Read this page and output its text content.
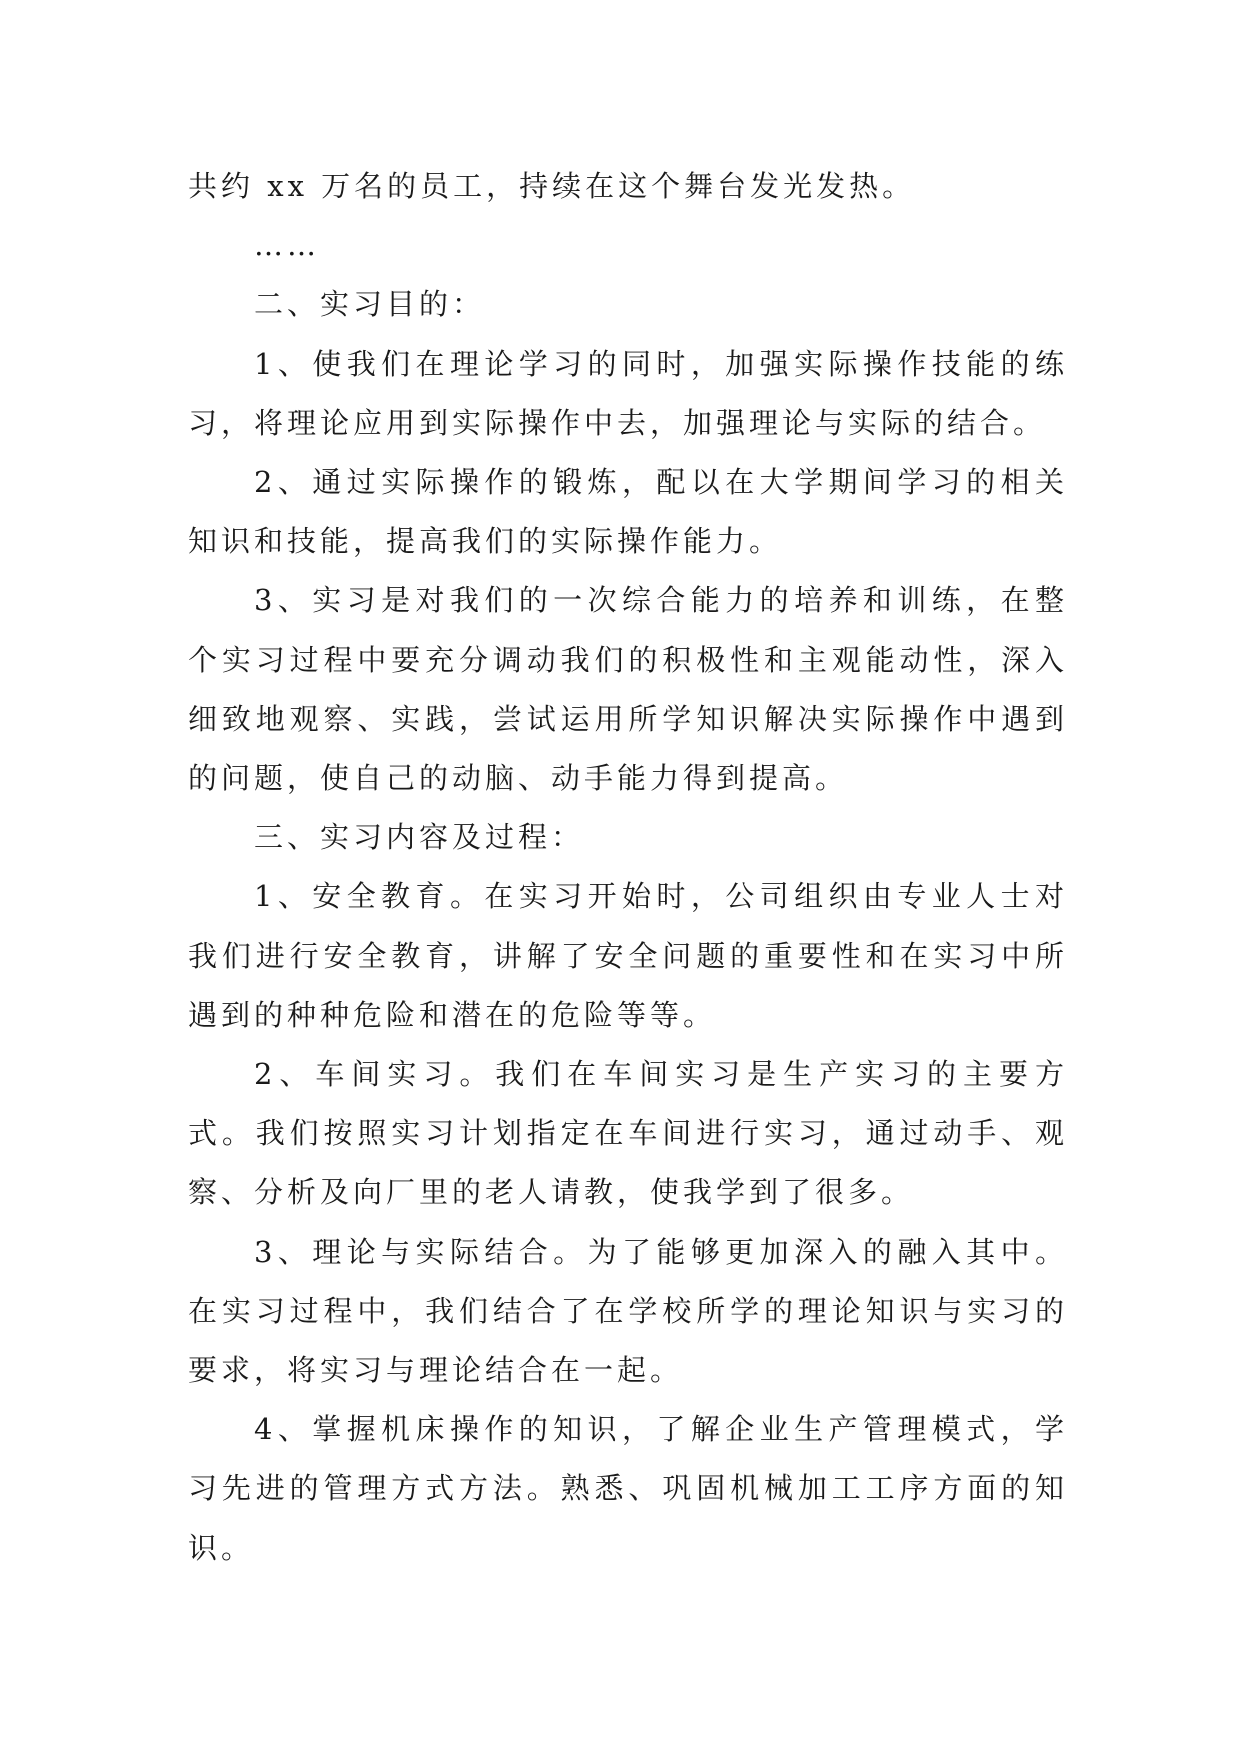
共约 xx 万名的员工，持续在这个舞台发光发热。

……

二、实习目的：

1、使我们在理论学习的同时，加强实际操作技能的练习，将理论应用到实际操作中去，加强理论与实际的结合。

2、通过实际操作的锻炼，配以在大学期间学习的相关知识和技能，提高我们的实际操作能力。

3、实习是对我们的一次综合能力的培养和训练，在整个实习过程中要充分调动我们的积极性和主观能动性，深入细致地观察、实践，尝试运用所学知识解决实际操作中遇到的问题，使自己的动脑、动手能力得到提高。

三、实习内容及过程：

1、安全教育。在实习开始时，公司组织由专业人士对我们进行安全教育，讲解了安全问题的重要性和在实习中所遇到的种种危险和潜在的危险等等。

2、车间实习。我们在车间实习是生产实习的主要方式。我们按照实习计划指定在车间进行实习，通过动手、观察、分析及向厂里的老人请教，使我学到了很多。

3、理论与实际结合。为了能够更加深入的融入其中。在实习过程中，我们结合了在学校所学的理论知识与实习的要求，将实习与理论结合在一起。

4、掌握机床操作的知识，了解企业生产管理模式，学习先进的管理方式方法。熟悉、巩固机械加工工序方面的知识。
